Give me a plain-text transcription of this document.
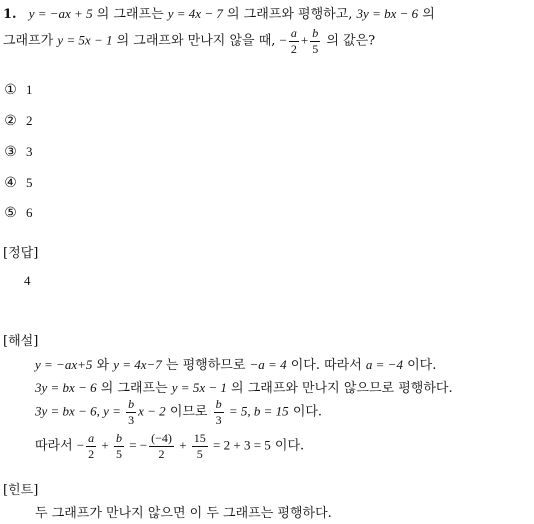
1. y = −ax + 5 의 그래프는 y = 4x − 7 의 그래프와 평행하고, 3y = bx − 6 의
그래프가 y = 5x − 1 의 그래프와 만나지 않을 때, − $\frac{a}{2} + \frac{b}{5}$ 의 값은?
① 1
② 2
③ 3
④ 5
⑤ 6
[정답]
4
[해설]
y = −ax+5 와 y = 4x−7 는 평행하므로 −a = 4 이다. 따라서 a = −4 이다.
3y = bx − 6 의 그래프는 y = 5x − 1 의 그래프와 만나지 않으므로 평행하다.
3y = bx − 6, $y = \frac{b}{3}$ x − 2 이므로 $\frac{b}{3} = 5$, b = 15 이다.
따라서 − $\frac{a}{2} + \frac{b}{5}$ = − $\frac{(-4)}{2} + \frac{15}{5} = 2 + 3 = 5$ 이다.
[힌트]
두 그래프가 만나지 않으면 이 두 그래프는 평행하다.
